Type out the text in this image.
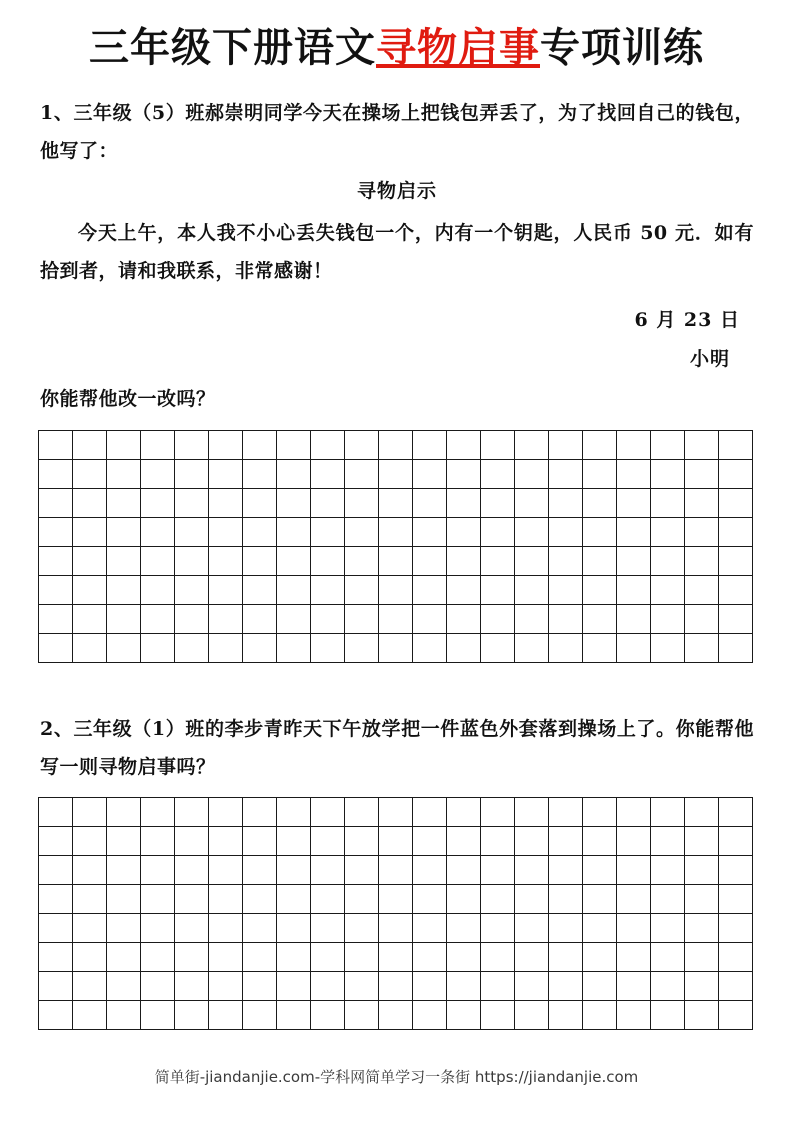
三年级下册语文寻物启事专项训练
1、三年级（5）班郝崇明同学今天在操场上把钱包弄丢了，为了找回自己的钱包，他写了：
寻物启示
今天上午，本人我不小心丢失钱包一个，内有一个钥匙，人民币 50 元．如有拾到者，请和我联系，非常感谢！
6 月 23 日
小明
你能帮他改一改吗？
2、三年级（1）班的李步青昨天下午放学把一件蓝色外套落到操场上了。你能帮他写一则寻物启事吗？
简单街-jiandanjie.com-学科网简单学习一条街 https://jiandanjie.com
